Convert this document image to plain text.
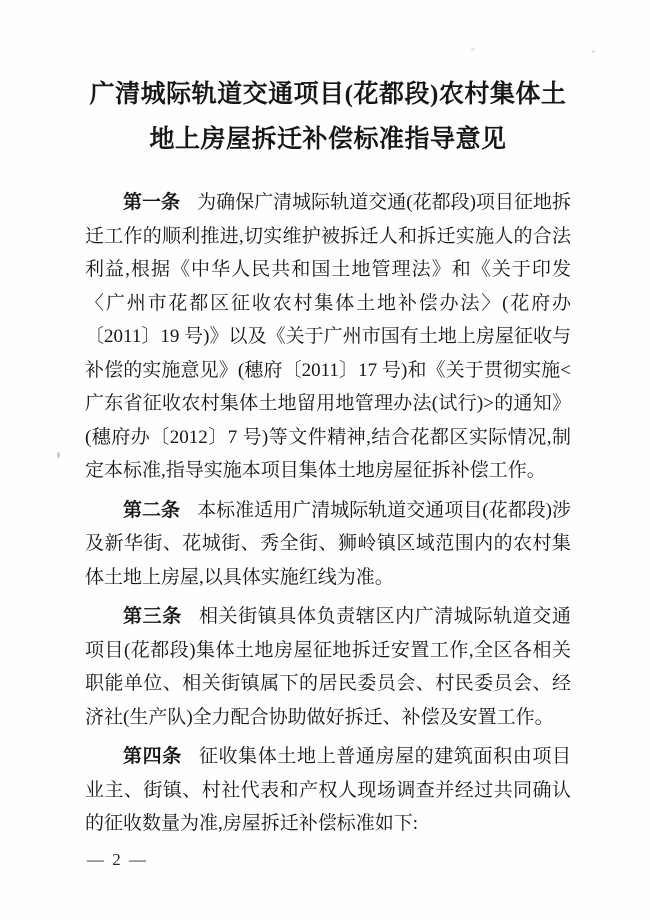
广清城际轨道交通项目(花都段)农村集体土
地上房屋拆迁补偿标准指导意见

第一条 为确保广清城际轨道交通(花都段)项目征地拆迁工作的顺利推进,切实维护被拆迁人和拆迁实施人的合法利益,根据《中华人民共和国土地管理法》和《关于印发〈广州市花都区征收农村集体土地补偿办法〉(花府办〔2011〕19 号)》以及《关于广州市国有土地上房屋征收与补偿的实施意见》(穗府〔2011〕17 号)和《关于贯彻实施<广东省征收农村集体土地留用地管理办法(试行)>的通知》(穗府办〔2012〕7 号)等文件精神,结合花都区实际情况,制定本标准,指导实施本项目集体土地房屋征拆补偿工作。

第二条 本标准适用广清城际轨道交通项目(花都段)涉及新华街、花城街、秀全街、狮岭镇区域范围内的农村集体土地上房屋,以具体实施红线为准。

第三条 相关街镇具体负责辖区内广清城际轨道交通项目(花都段)集体土地房屋征地拆迁安置工作,全区各相关职能单位、相关街镇属下的居民委员会、村民委员会、经济社(生产队)全力配合协助做好拆迁、补偿及安置工作。

第四条 征收集体土地上普通房屋的建筑面积由项目业主、街镇、村社代表和产权人现场调查并经过共同确认的征收数量为准,房屋拆迁补偿标准如下:

— 2 —
